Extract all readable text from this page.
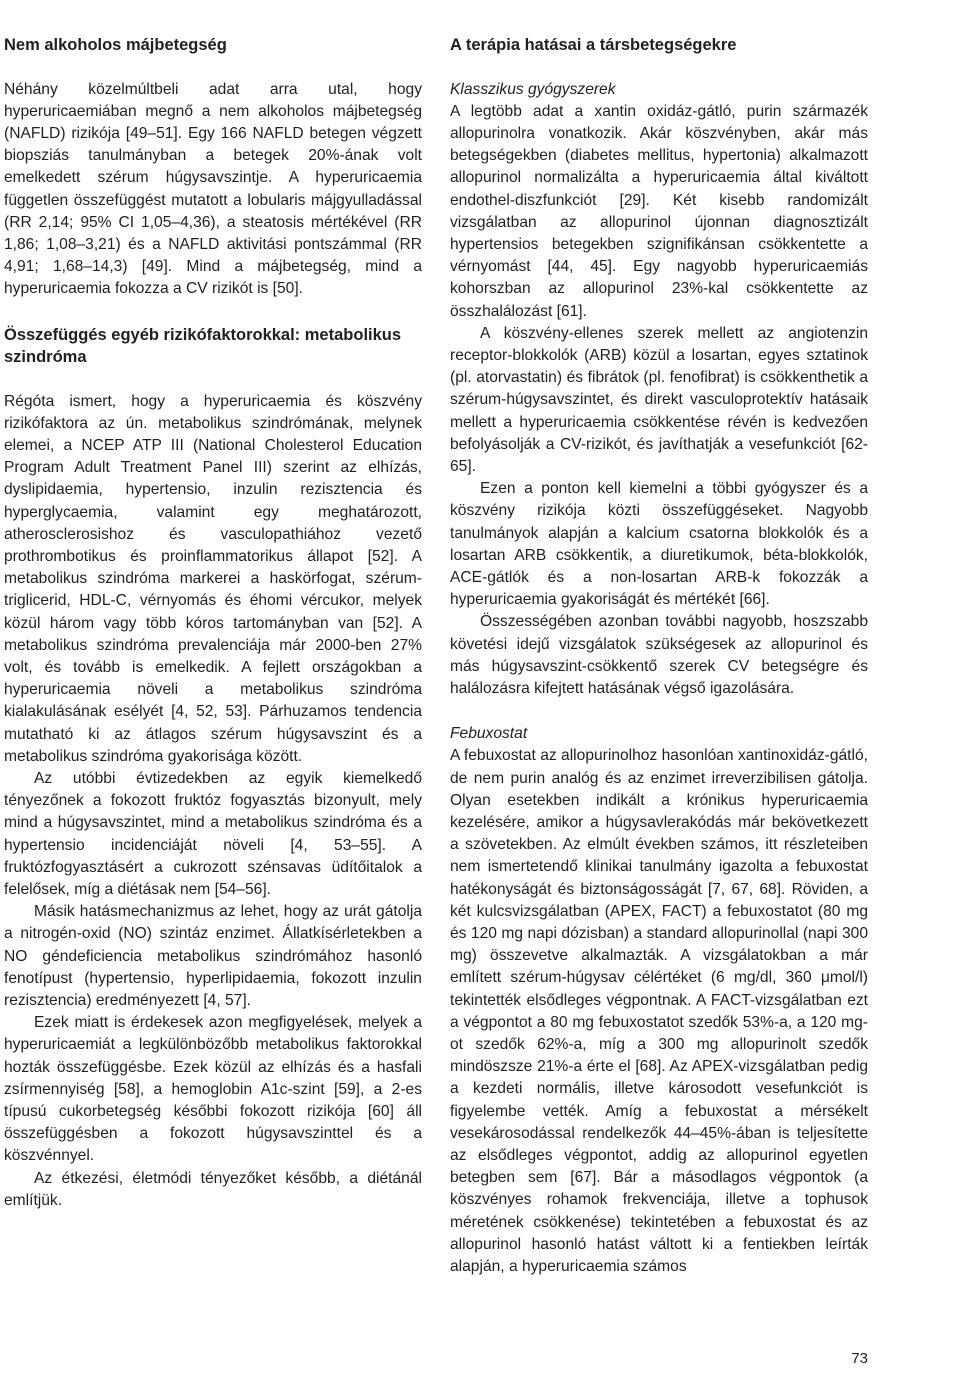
Nem alkoholos májbetegség

Néhány közelmúltbeli adat arra utal, hogy hyperuricaemiában megnő a nem alkoholos májbetegség (NAFLD) rizikója [49–51]. Egy 166 NAFLD betegen végzett biopsziás tanulmányban a betegek 20%-ának volt emelkedett szérum húgysavszintje. A hyperuricaemia független összefüggést mutatott a lobularis májgyulladással (RR 2,14; 95% CI 1,05–4,36), a steatosis mértékével (RR 1,86; 1,08–3,21) és a NAFLD aktivitási pontszámmal (RR 4,91; 1,68–14,3) [49]. Mind a májbetegség, mind a hyperuricaemia fokozza a CV rizikót is [50].

Összefüggés egyéb rizikófaktorokkal: metabolikus szindróma

Régóta ismert, hogy a hyperuricaemia és köszvény rizikófaktora az ún. metabolikus szindrómának, melynek elemei, a NCEP ATP III (National Cholesterol Education Program Adult Treatment Panel III) szerint az elhízás, dyslipidaemia, hypertensio, inzulin rezisztencia és hyperglycaemia, valamint egy meghatározott, atherosclerosishoz és vasculopathiához vezető prothrombotikus és proinflammatorikus állapot [52]. A metabolikus szindróma markerei a haskörfogat, szérum-triglicerid, HDL-C, vérnyomás és éhomi vércukor, melyek közül három vagy több kóros tartományban van [52]. A metabolikus szindróma prevalenciája már 2000-ben 27% volt, és tovább is emelkedik. A fejlett országokban a hyperuricaemia növeli a metabolikus szindróma kialakulásának esélyét [4, 52, 53]. Párhuzamos tendencia mutatható ki az átlagos szérum húgysavszint és a metabolikus szindróma gyakorisága között.

Az utóbbi évtizedekben az egyik kiemelkedő tényezőnek a fokozott fruktóz fogyasztás bizonyult, mely mind a húgysavszintet, mind a metabolikus szindróma és a hypertensio incidenciáját növeli [4, 53–55]. A fruktózfogyasztásért a cukrozott szénsavas üdítőitalok a felelősek, míg a diétásak nem [54–56].

Másik hatásmechanizmus az lehet, hogy az urát gátolja a nitrogén-oxid (NO) szintáz enzimet. Állatkísérletekben a NO géndeficiencia metabolikus szindrómához hasonló fenotípust (hypertensio, hyperlipidaemia, fokozott inzulin rezisztencia) eredményezett [4, 57].

Ezek miatt is érdekesek azon megfigyelések, melyek a hyperuricaemiát a legkülönbözőbb metabolikus faktorokkal hozták összefüggésbe. Ezek közül az elhízás és a hasfali zsírmennyiség [58], a hemoglobin A1c-szint [59], a 2-es típusú cukorbetegség későbbi fokozott rizikója [60] áll összefüggésben a fokozott húgysavszinttel és a köszvénnyel.

Az étkezési, életmódi tényezőket később, a diétánál említjük.

A terápia hatásai a társbetegségekre

Klasszikus gyógyszerek

A legtöbb adat a xantin oxidáz-gátló, purin származék allopurinolra vonatkozik. Akár köszvényben, akár más betegségekben (diabetes mellitus, hypertonia) alkalmazott allopurinol normalizálta a hyperuricaemia által kiváltott endothel-diszfunkciót [29]. Két kisebb randomizált vizsgálatban az allopurinol újonnan diagnosztizált hypertensios betegekben szignifikánsan csökkentette a vérnyomást [44, 45]. Egy nagyobb hyperuricaemiás kohorszban az allopurinol 23%-kal csökkentette az összhalálozást [61].

A köszvény-ellenes szerek mellett az angiotenzin receptor-blokkolók (ARB) közül a losartan, egyes sztatinok (pl. atorvastatin) és fibrátok (pl. fenofibrat) is csökkenthetik a szérum-húgysavszintet, és direkt vasculoprotektív hatásaik mellett a hyperuricaemia csökkentése révén is kedvezően befolyásolják a CV-rizikót, és javíthatják a vesefunkciót [62-65].

Ezen a ponton kell kiemelni a többi gyógyszer és a köszvény rizikója közti összefüggéseket. Nagyobb tanulmányok alapján a kalcium csatorna blokkolók és a losartan ARB csökkentik, a diuretikumok, béta-blokkolók, ACE-gátlók és a non-losartan ARB-k fokozzák a hyperuricaemia gyakoriságát és mértékét [66].

Összességében azonban további nagyobb, hoszszabb követési idejű vizsgálatok szükségesek az allopurinol és más húgysavszint-csökkentő szerek CV betegségre és halálozásra kifejtett hatásának végső igazolására.

Febuxostat

A febuxostat az allopurinolhoz hasonlóan xantinoxidáz-gátló, de nem purin analóg és az enzimet irreverzibilisen gátolja. Olyan esetekben indikált a krónikus hyperuricaemia kezelésére, amikor a húgysavlerakódás már bekövetkezett a szövetekben. Az elmúlt években számos, itt részleteiben nem ismertetendő klinikai tanulmány igazolta a febuxostat hatékonyságát és biztonságosságát [7, 67, 68]. Röviden, a két kulcsvizsgálatban (APEX, FACT) a febuxostatot (80 mg és 120 mg napi dózisban) a standard allopurinollal (napi 300 mg) összevetve alkalmazták. A vizsgálatokban a már említett szérum-húgysav célértéket (6 mg/dl, 360 μmol/l) tekintették elsődleges végpontnak. A FACT-vizsgálatban ezt a végpontot a 80 mg febuxostatot szedők 53%-a, a 120 mg-ot szedők 62%-a, míg a 300 mg allopurinolt szedők mindöszsze 21%-a érte el [68]. Az APEX-vizsgálatban pedig a kezdeti normális, illetve károsodott vesefunkciót is figyelembe vették. Amíg a febuxostat a mérsékelt vesekárosodással rendelkezők 44–45%-ában is teljesítette az elsődleges végpontot, addig az allopurinol egyetlen betegben sem [67]. Bár a másodlagos végpontok (a köszvényes rohamok frekvenciája, illetve a tophusok méretének csökkenése) tekintetében a febuxostat és az allopurinol hasonló hatást váltott ki a fentiekben leírták alapján, a hyperuricaemia számos

73
